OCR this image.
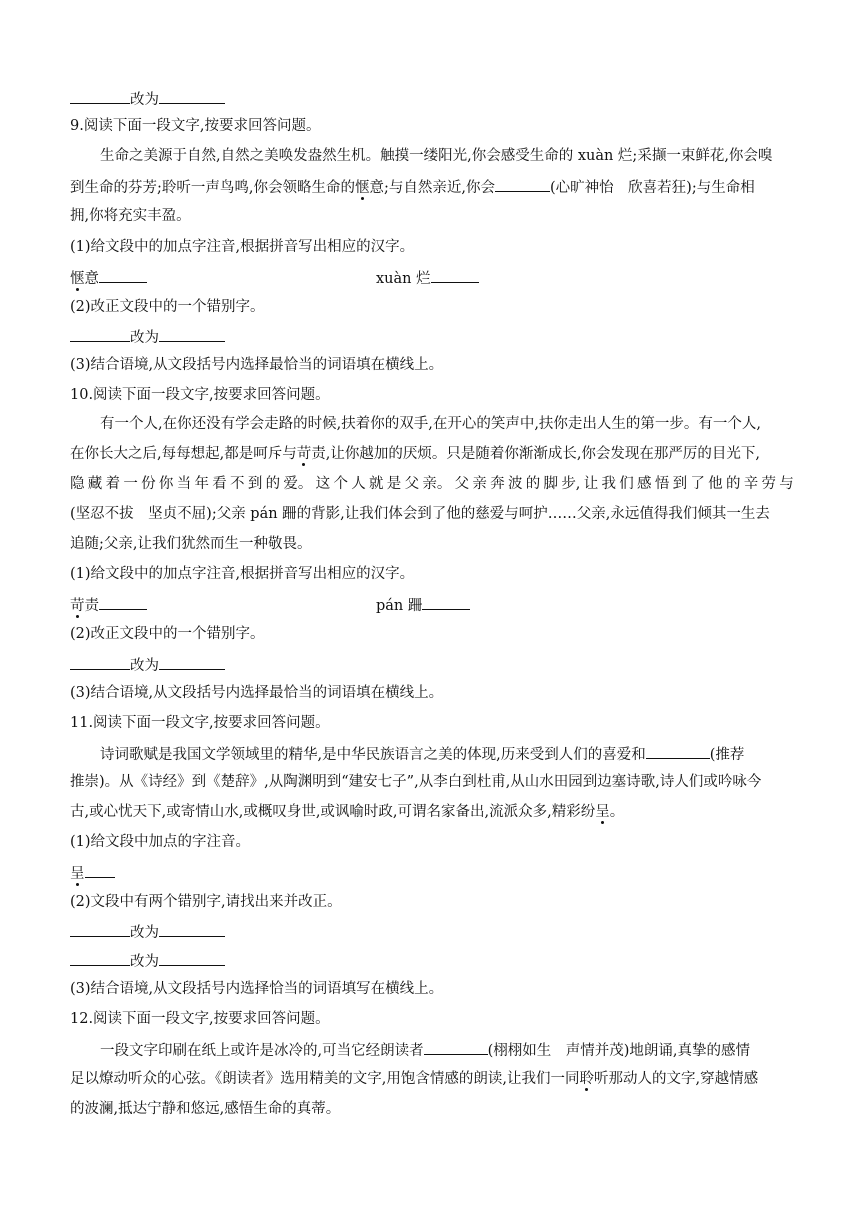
改为
9.阅读下面一段文字,按要求回答问题。
生命之美源于自然,自然之美唤发盎然生机。触摸一缕阳光,你会感受生命的 xuàn 烂;采撷一束鲜花,你会嗅
到生命的芬芳;聆听一声鸟鸣,你会领略生命的惬意;与自然亲近,你会	(心旷神怡　欣喜若狂);与生命相
拥,你将充实丰盈。
(1)给文段中的加点字注音,根据拼音写出相应的汉字。
惬意	xuàn 烂
(2)改正文段中的一个错别字。
改为
(3)结合语境,从文段括号内选择最恰当的词语填在横线上。
10.阅读下面一段文字,按要求回答问题。
有一个人,在你还没有学会走路的时候,扶着你的双手,在开心的笑声中,扶你走出人生的第一步。有一个人,
在你长大之后,每每想起,都是呵斥与苛责,让你越加的厌烦。只是随着你渐渐成长,你会发现在那严厉的目光下,
隐 藏 着 一 份 你 当 年 看 不 到 的 爱。 这 个 人 就 是 父 亲。 父 亲 奔 波 的 脚 步, 让 我 们 感 悟 到 了 他 的 辛 劳 与
(坚忍不拔　坚贞不屈);父亲 pán 跚的背影,让我们体会到了他的慈爱与呵护……父亲,永远值得我们倾其一生去
追随;父亲,让我们犹然而生一种敬畏。
(1)给文段中的加点字注音,根据拼音写出相应的汉字。
苛责	pán 跚
(2)改正文段中的一个错别字。
改为
(3)结合语境,从文段括号内选择最恰当的词语填在横线上。
11.阅读下面一段文字,按要求回答问题。
诗词歌赋是我国文学领域里的精华,是中华民族语言之美的体现,历来受到人们的喜爱和	(推荐
推崇)。从《诗经》到《楚辞》,从陶渊明到“建安七子”,从李白到杜甫,从山水田园到边塞诗歌,诗人们或吟咏今
古,或心忧天下,或寄情山水,或概叹身世,或讽喻时政,可谓名家备出,流派众多,精彩纷呈。
(1)给文段中加点的字注音。
呈
(2)文段中有两个错别字,请找出来并改正。
改为
改为
(3)结合语境,从文段括号内选择恰当的词语填写在横线上。
12.阅读下面一段文字,按要求回答问题。
一段文字印刷在纸上或许是冰冷的,可当它经朗读者	(栩栩如生　声情并茂)地朗诵,真挚的感情
足以燎动听众的心弦。《朗读者》选用精美的文字,用饱含情感的朗读,让我们一同聆听那动人的文字,穿越情感
的波澜,抵达宁静和悠远,感悟生命的真蒂。
